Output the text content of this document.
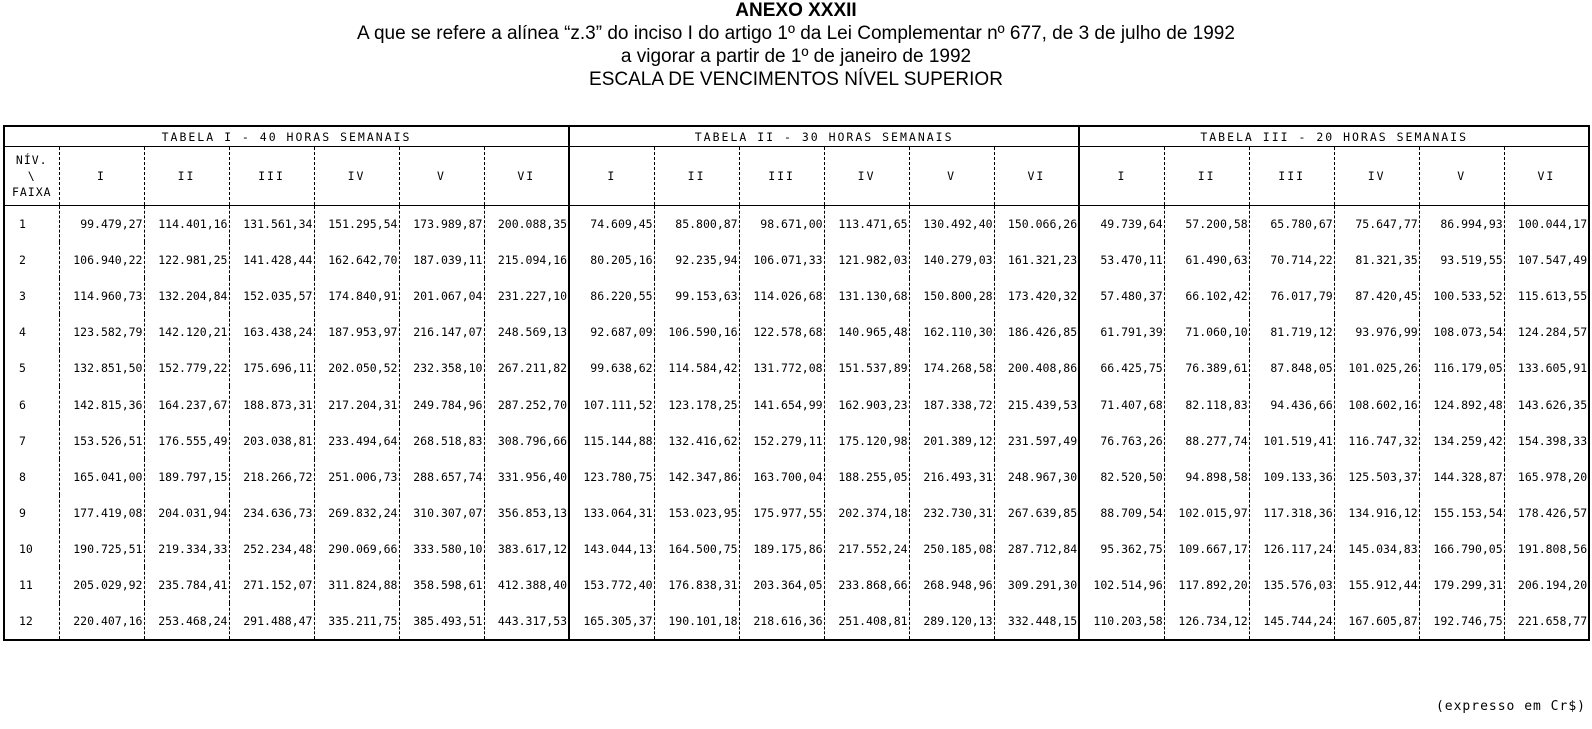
ANEXO XXXII
A que se refere a alínea “z.3” do inciso I do artigo 1º da Lei Complementar nº 677, de 3 de julho de 1992
a vigorar a partir de 1º de janeiro de 1992
ESCALA DE VENCIMENTOS NÍVEL SUPERIOR
TABELA I - 40 HORAS SEMANAIS							TABELA II - 30 HORAS SEMANAIS						TABELA III - 20 HORAS SEMANAIS					

NÍV.
\
FAIXA	I	II	III	IV	V	VI	I	II	III	IV	V	VI	I	II	III	IV	V	VI
1	99.479,27	114.401,16	131.561,34	151.295,54	173.989,87	200.088,35	74.609,45	85.800,87	98.671,00	113.471,65	130.492,40	150.066,26	49.739,64	57.200,58	65.780,67	75.647,77	86.994,93	100.044,17
2	106.940,22	122.981,25	141.428,44	162.642,70	187.039,11	215.094,16	80.205,16	92.235,94	106.071,33	121.982,03	140.279,03	161.321,23	53.470,11	61.490,63	70.714,22	81.321,35	93.519,55	107.547,49
3	114.960,73	132.204,84	152.035,57	174.840,91	201.067,04	231.227,10	86.220,55	99.153,63	114.026,68	131.130,68	150.800,28	173.420,32	57.480,37	66.102,42	76.017,79	87.420,45	100.533,52	115.613,55
4	123.582,79	142.120,21	163.438,24	187.953,97	216.147,07	248.569,13	92.687,09	106.590,16	122.578,68	140.965,48	162.110,30	186.426,85	61.791,39	71.060,10	81.719,12	93.976,99	108.073,54	124.284,57
5	132.851,50	152.779,22	175.696,11	202.050,52	232.358,10	267.211,82	99.638,62	114.584,42	131.772,08	151.537,89	174.268,58	200.408,86	66.425,75	76.389,61	87.848,05	101.025,26	116.179,05	133.605,91
6	142.815,36	164.237,67	188.873,31	217.204,31	249.784,96	287.252,70	107.111,52	123.178,25	141.654,99	162.903,23	187.338,72	215.439,53	71.407,68	82.118,83	94.436,66	108.602,16	124.892,48	143.626,35
7	153.526,51	176.555,49	203.038,81	233.494,64	268.518,83	308.796,66	115.144,88	132.416,62	152.279,11	175.120,98	201.389,12	231.597,49	76.763,26	88.277,74	101.519,41	116.747,32	134.259,42	154.398,33
8	165.041,00	189.797,15	218.266,72	251.006,73	288.657,74	331.956,40	123.780,75	142.347,86	163.700,04	188.255,05	216.493,31	248.967,30	82.520,50	94.898,58	109.133,36	125.503,37	144.328,87	165.978,20
9	177.419,08	204.031,94	234.636,73	269.832,24	310.307,07	356.853,13	133.064,31	153.023,95	175.977,55	202.374,18	232.730,31	267.639,85	88.709,54	102.015,97	117.318,36	134.916,12	155.153,54	178.426,57
10	190.725,51	219.334,33	252.234,48	290.069,66	333.580,10	383.617,12	143.044,13	164.500,75	189.175,86	217.552,24	250.185,08	287.712,84	95.362,75	109.667,17	126.117,24	145.034,83	166.790,05	191.808,56
11	205.029,92	235.784,41	271.152,07	311.824,88	358.598,61	412.388,40	153.772,40	176.838,31	203.364,05	233.868,66	268.948,96	309.291,30	102.514,96	117.892,20	135.576,03	155.912,44	179.299,31	206.194,20
12	220.407,16	253.468,24	291.488,47	335.211,75	385.493,51	443.317,53	165.305,37	190.101,18	218.616,36	251.408,81	289.120,13	332.448,15	110.203,58	126.734,12	145.744,24	167.605,87	192.746,75	221.658,77
(expresso em Cr$)
